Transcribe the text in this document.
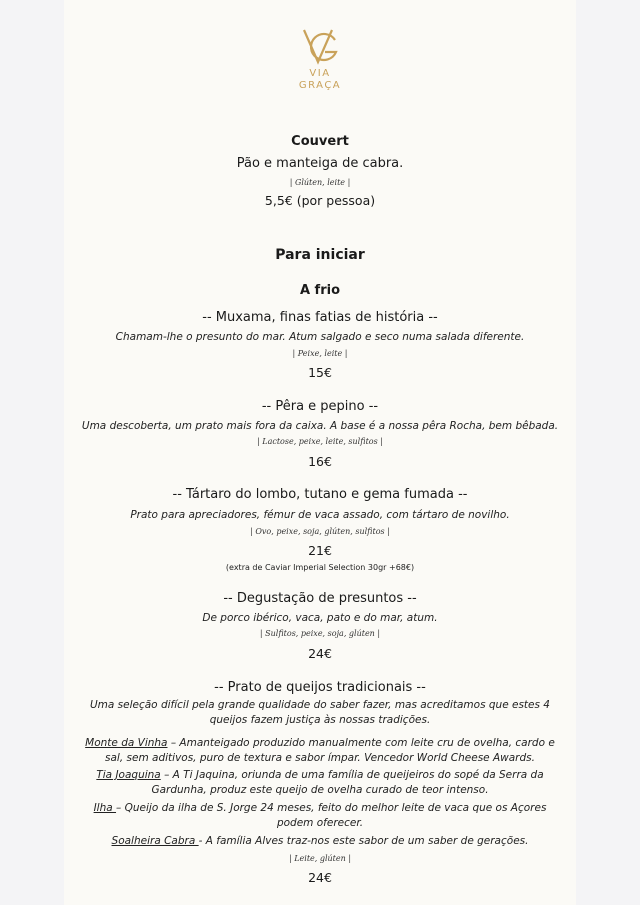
VIA
GRAÇA
Couvert
Pão e manteiga de cabra.
| Glúten, leite |
5,5€ (por pessoa)
Para iniciar
A frio
-- Muxama, finas fatias de história --
Chamam-lhe o presunto do mar. Atum salgado e seco numa salada diferente.
| Peixe, leite |
15€
-- Pêra e pepino --
Uma descoberta, um prato mais fora da caixa. A base é a nossa pêra Rocha, bem bêbada.
| Lactose, peixe, leite, sulfitos |
16€
-- Tártaro do lombo, tutano e gema fumada --
Prato para apreciadores, fémur de vaca assado, com tártaro de novilho.
| Ovo, peixe, soja, glúten, sulfitos |
21€
(extra de Caviar Imperial Selection 30gr +68€)
-- Degustação de presuntos --
De porco ibérico, vaca, pato e do mar, atum.
| Sulfitos, peixe, soja, glúten |
24€
-- Prato de queijos tradicionais --
Uma seleção difícil pela grande qualidade do saber fazer, mas acreditamos que estes 4 queijos fazem justiça às nossas tradições.
Monte da Vinha – Amanteigado produzido manualmente com leite cru de ovelha, cardo e sal, sem aditivos, puro de textura e sabor ímpar. Vencedor World Cheese Awards.
Tia Joaquina – A Ti Jaquina, oriunda de uma família de queijeiros do sopé da Serra da Gardunha, produz este queijo de ovelha curado de teor intenso.
Ilha – Queijo da ilha de S. Jorge 24 meses, feito do melhor leite de vaca que os Açores podem oferecer.
Soalheira Cabra - A família Alves traz-nos este sabor de um saber de gerações.
| Leite, glúten |
24€
